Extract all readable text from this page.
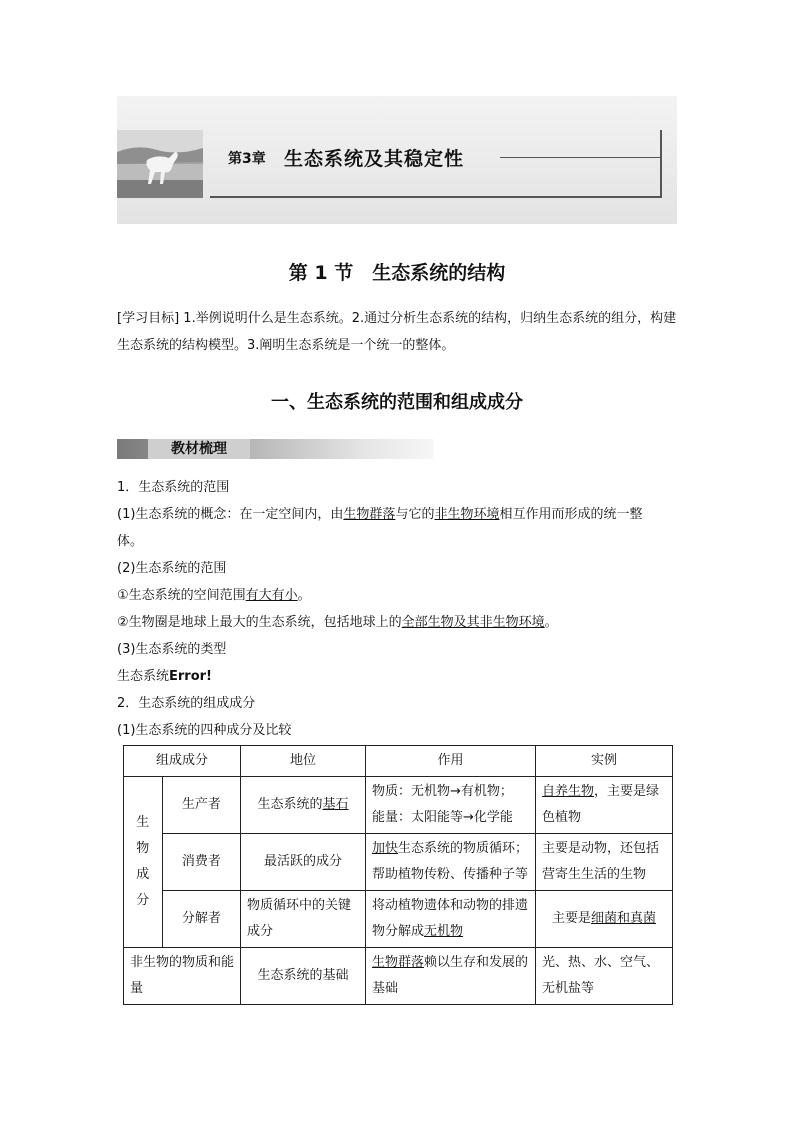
第3章 生态系统及其稳定性
第 1 节　生态系统的结构
[学习目标] 1.举例说明什么是生态系统。2.通过分析生态系统的结构，归纳生态系统的组分，构建生态系统的结构模型。3.阐明生态系统是一个统一的整体。
一、生态系统的范围和组成成分
教材梳理
1．生态系统的范围
(1)生态系统的概念：在一定空间内，由生物群落与它的非生物环境相互作用而形成的统一整
体。
(2)生态系统的范围
①生态系统的空间范围有大有小。
②生物圈是地球上最大的生态系统，包括地球上的全部生物及其非生物环境。
(3)生态系统的类型
生态系统Error!
2．生态系统的组成成分
(1)生态系统的四种成分及比较
组成成分		地位	作用	实例

生物成分	生产者	生态系统的基石	物质：无机物→有机物；
能量：太阳能等→化学能	自养生物，主要是绿色植物
	消费者	最活跃的成分	加快生态系统的物质循环；帮助植物传粉、传播种子等	主要是动物，还包括营寄生生活的生物
	分解者	物质循环中的关键成分	将动植物遗体和动物的排遗物分解成无机物	主要是细菌和真菌
非生物的物质和能量		生态系统的基础	生物群落赖以生存和发展的基础	光、热、水、空气、无机盐等
